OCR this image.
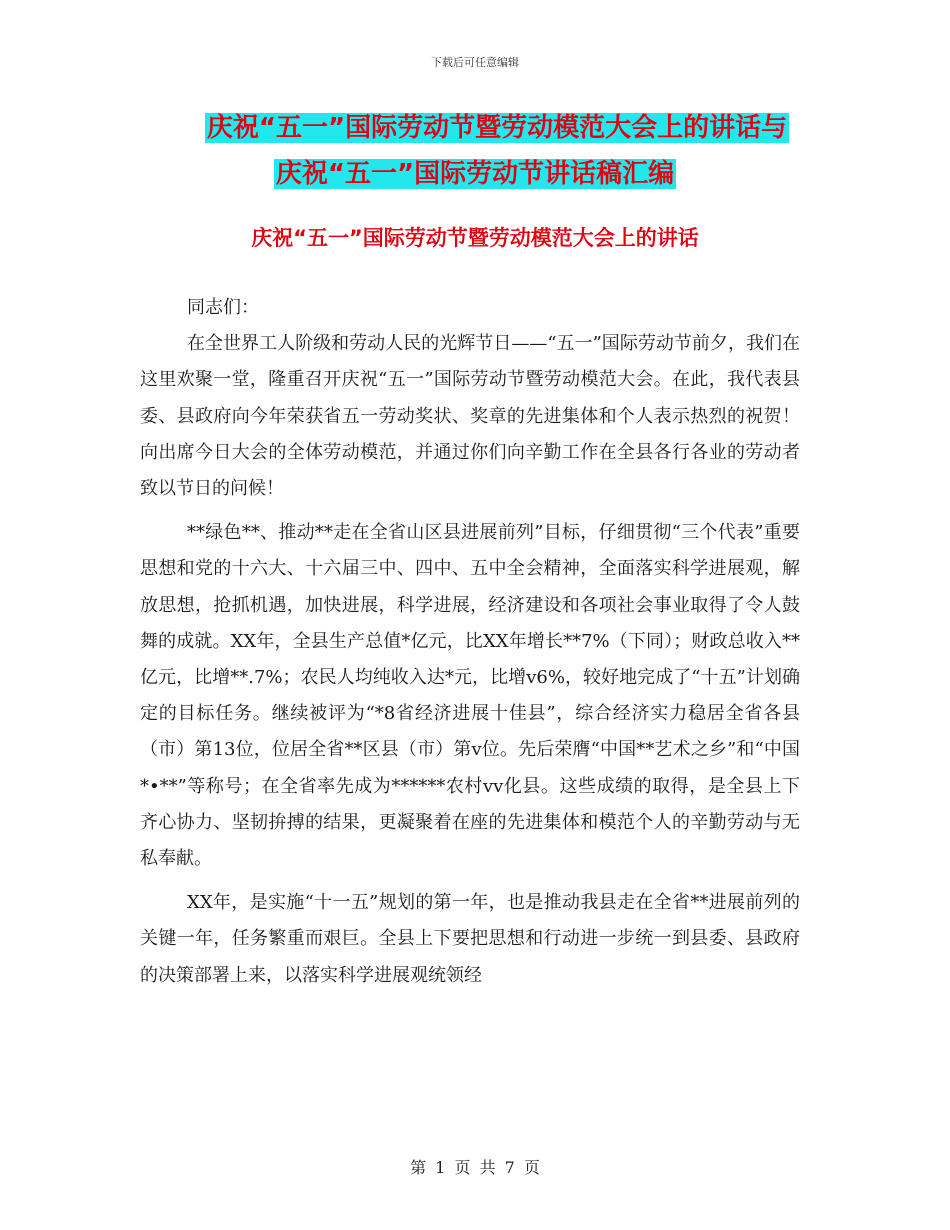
下载后可任意编辑
庆祝“五一”国际劳动节暨劳动模范大会上的讲话与
庆祝“五一”国际劳动节讲话稿汇编
庆祝“五一”国际劳动节暨劳动模范大会上的讲话

同志们：

在全世界工人阶级和劳动人民的光辉节日——“五一”国际劳动节前夕，我们在这里欢聚一堂，隆重召开庆祝“五一”国际劳动节暨劳动模范大会。在此，我代表县委、县政府向今年荣获省五一劳动奖状、奖章的先进集体和个人表示热烈的祝贺！向出席今日大会的全体劳动模范，并通过你们向辛勤工作在全县各行各业的劳动者致以节日的问候！

**绿色**、推动**走在全省山区县进展前列”目标，仔细贯彻“三个代表”重要思想和党的十六大、十六届三中、四中、五中全会精神，全面落实科学进展观，解放思想，抢抓机遇，加快进展，科学进展，经济建设和各项社会事业取得了令人鼓舞的成就。XX年，全县生产总值*亿元，比XX年增长**7%（下同）；财政总收入**亿元，比增**.7%；农民人均纯收入达*元，比增v6%，较好地完成了“十五”计划确定的目标任务。继续被评为“*8省经济进展十佳县”，综合经济实力稳居全省各县（市）第13位，位居全省**区县（市）第v位。先后荣膺“中国**艺术之乡”和“中国*•**”等称号；在全省率先成为******农村vv化县。这些成绩的取得，是全县上下齐心协力、坚韧拚搏的结果，更凝聚着在座的先进集体和模范个人的辛勤劳动与无私奉献。

XX年，是实施“十一五”规划的第一年，也是推动我县走在全省**进展前列的关键一年，任务繁重而艰巨。全县上下要把思想和行动进一步统一到县委、县政府的决策部署上来，以落实科学进展观统领经

第 1 页 共 7 页
